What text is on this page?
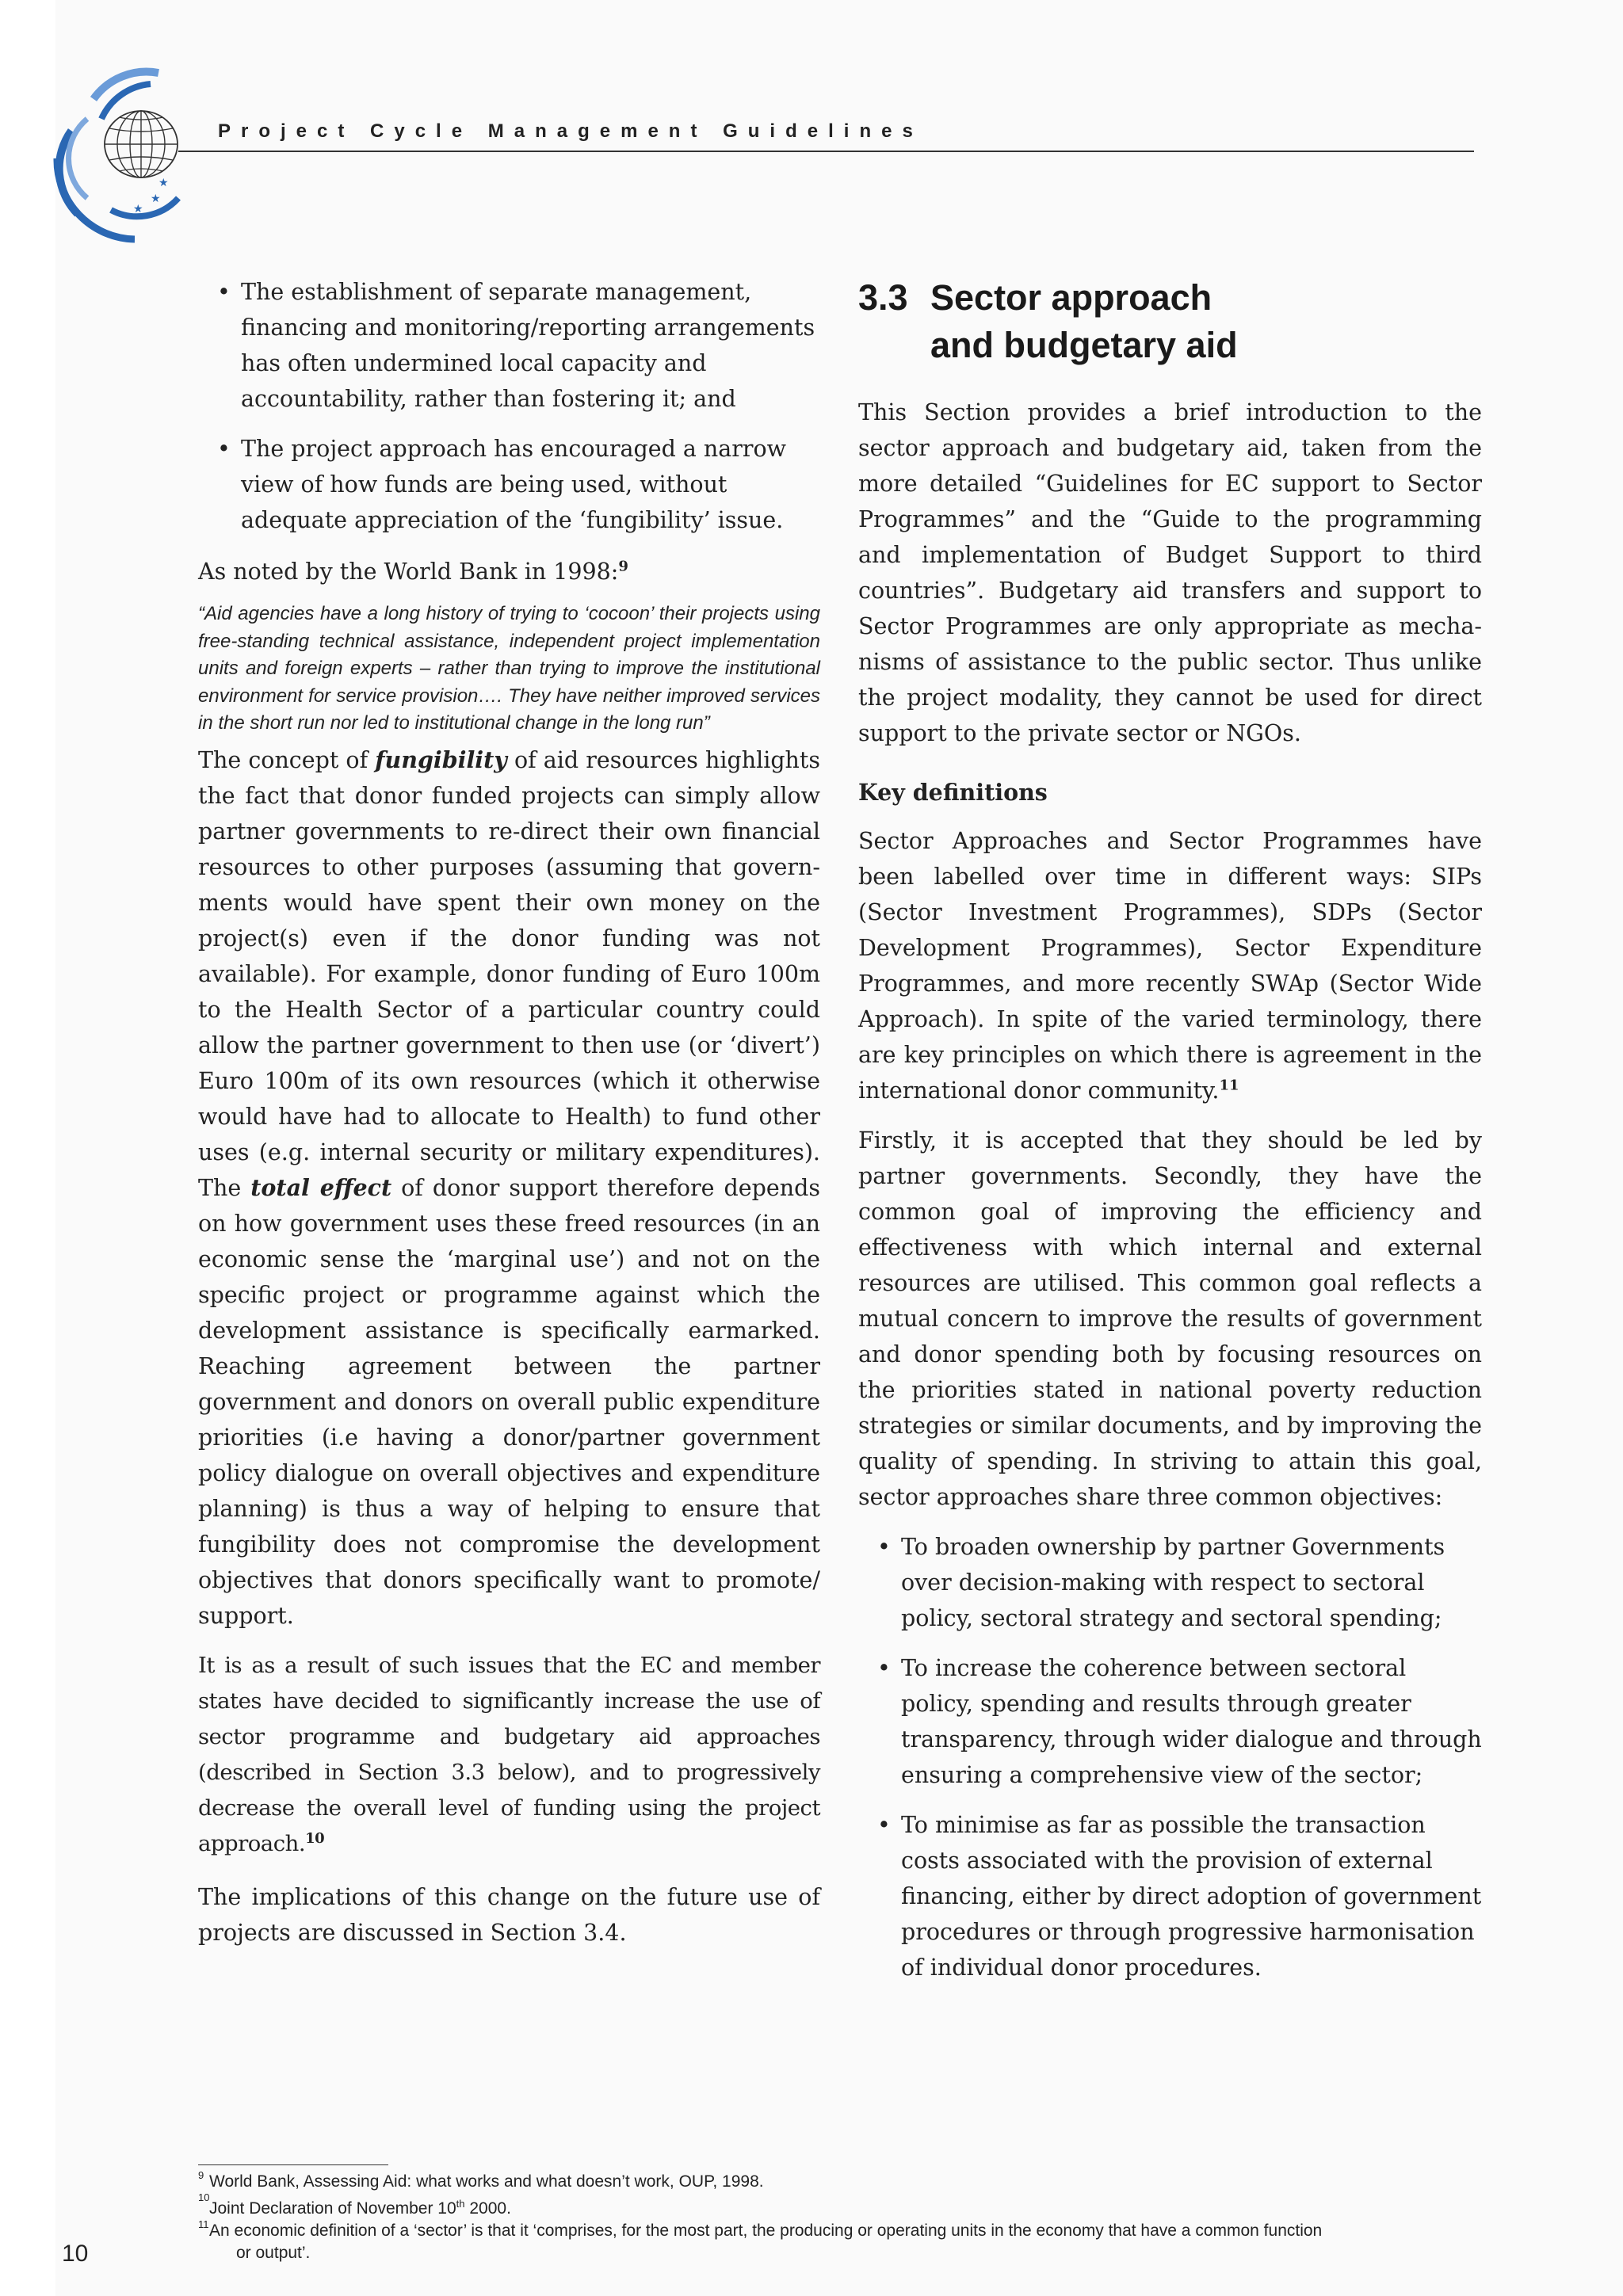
★
★
★
Project Cycle Management Guidelines
• The establishment of separate management, financing and monitoring/reporting arrangements has often undermined local capacity and accountability, rather than fostering it; and
• The project approach has encouraged a narrow view of how funds are being used, without adequate appreciation of the ‘fungibility’ issue.

As noted by the World Bank in 1998:$^9$

“Aid agencies have a long history of trying to ‘cocoon’ their projects using free-standing technical assistance, independent project implementation units and foreign experts – rather than trying to improve the institutional environment for service provision…. They have neither improved services in the short run nor led to institutional change in the long run”

The concept of fungibility of aid resources highlights the fact that donor funded projects can simply allow partner governments to re-direct their own financial resources to other purposes (assuming that govern-ments would have spent their own money on the project(s) even if the donor funding was not available). For example, donor funding of Euro 100m to the Health Sector of a particular country could allow the partner government to then use (or ‘divert’) Euro 100m of its own resources (which it otherwise would have had to allocate to Health) to fund other uses (e.g. internal security or military expenditures). The total effect of donor support therefore depends on how government uses these freed resources (in an economic sense the ‘marginal use’) and not on the specific project or programme against which the development assistance is specifically earmarked. Reaching agreement between the partner government and donors on overall public expenditure priorities (i.e having a donor/partner government policy dialogue on overall objectives and expenditure planning) is thus a way of helping to ensure that fungibility does not compromise the development objectives that donors specifically want to promote/ support.

It is as a result of such issues that the EC and member states have decided to significantly increase the use of sector programme and budgetary aid approaches (described in Section 3.3 below), and to progressively decrease the overall level of funding using the project approach.$^{10}$

The implications of this change on the future use of projects are discussed in Section 3.4.

3.3 Sector approach
and budgetary aid

This Section provides a brief introduction to the sector approach and budgetary aid, taken from the more detailed “Guidelines for EC support to Sector Programmes” and the “Guide to the programming and implementation of Budget Support to third countries”. Budgetary aid transfers and support to Sector Programmes are only appropriate as mecha-nisms of assistance to the public sector. Thus unlike the project modality, they cannot be used for direct support to the private sector or NGOs.

Key definitions

Sector Approaches and Sector Programmes have been labelled over time in different ways: SIPs (Sector Investment Programmes), SDPs (Sector Development Programmes), Sector Expenditure Programmes, and more recently SWAp (Sector Wide Approach). In spite of the varied terminology, there are key principles on which there is agreement in the international donor community.$^{11}$

Firstly, it is accepted that they should be led by partner governments. Secondly, they have the common goal of improving the efficiency and effectiveness with which internal and external resources are utilised. This common goal reflects a mutual concern to improve the results of government and donor spending both by focusing resources on the priorities stated in national poverty reduction strategies or similar documents, and by improving the quality of spending. In striving to attain this goal, sector approaches share three common objectives:

• To broaden ownership by partner Governments over decision-making with respect to sectoral policy, sectoral strategy and sectoral spending;
• To increase the coherence between sectoral policy, spending and results through greater transparency, through wider dialogue and through ensuring a comprehensive view of the sector;
• To minimise as far as possible the transaction costs associated with the provision of external financing, either by direct adoption of government procedures or through progressive harmonisation of individual donor procedures.
9 World Bank, Assessing Aid: what works and what doesn’t work, OUP, 1998.
10
Joint Declaration of November 10th 2000.
11 An economic definition of a ‘sector’ is that it ‘comprises, for the most part, the producing or operating units in the economy that have a common function
or output’.
10
